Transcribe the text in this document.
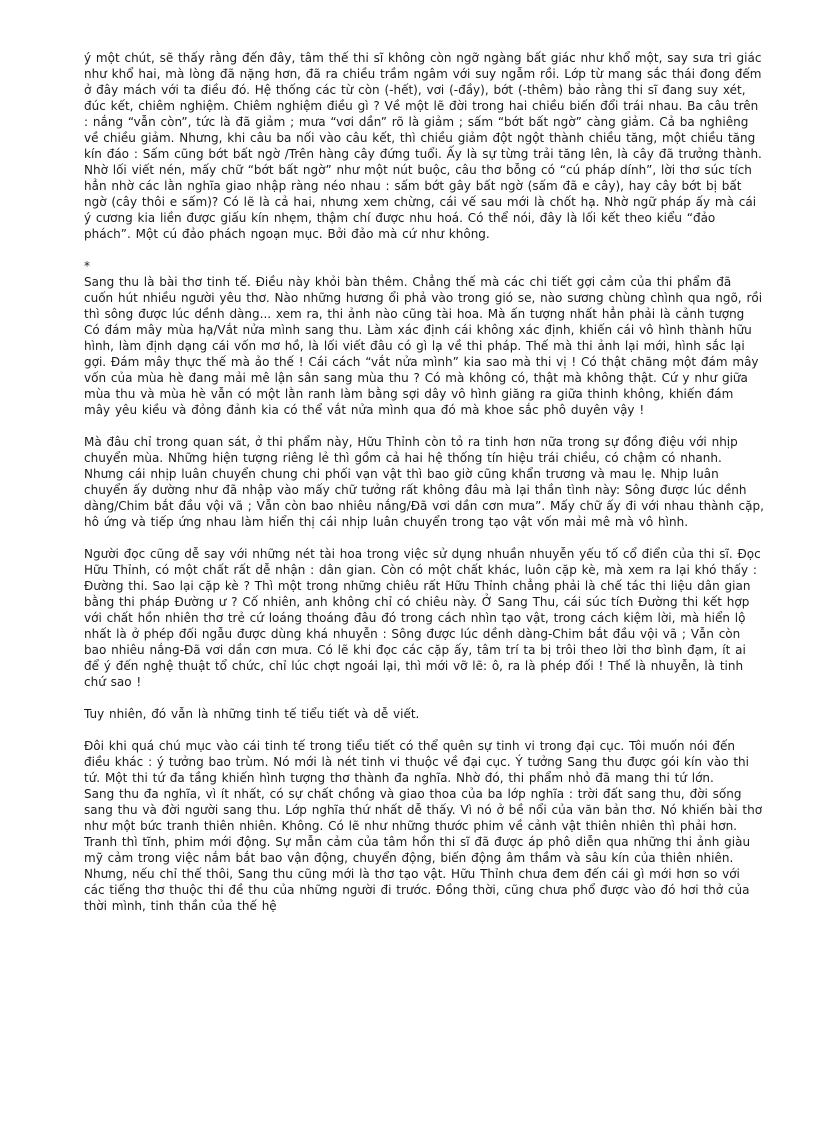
ý một chút, sẽ thấy rằng đến đây, tâm thế thi sĩ không còn ngỡ ngàng bất giác như khổ một, say sưa tri giác như khổ hai, mà lòng đã nặng hơn, đã ra chiều trầm ngâm với suy ngẫm rồi. Lớp từ mang sắc thái đong đếm ở đây mách với ta điều đó. Hệ thống các từ còn (-hết), vơi (-đầy), bớt (-thêm) bảo rằng thi sĩ đang suy xét, đúc kết, chiêm nghiệm. Chiêm nghiệm điều gì ? Về một lẽ đời trong hai chiều biến đổi trái nhau. Ba câu trên : nắng “vẫn còn”, tức là đã giảm ; mưa “vơi dần” rõ là giảm ; sấm “bớt bất ngờ” càng giảm. Cả ba nghiêng về chiều giảm. Nhưng, khi câu ba nối vào câu kết, thì chiều giảm đột ngột thành chiều tăng, một chiều tăng kín đáo : Sấm cũng bớt bất ngờ /Trên hàng cây đứng tuổi. Ấy là sự từng trải tăng lên, là cây đã trưởng thành. Nhờ lối viết nén, mấy chữ “bớt bất ngờ” như một nút buộc, câu thơ bỗng có “cú pháp dính”, lời thơ súc tích hẳn nhờ các lằn nghĩa giao nhập ràng néo nhau : sấm bớt gây bất ngờ (sấm đã e cây), hay cây bớt bị bất ngờ (cây thôi e sấm)? Có lẽ là cả hai, nhưng xem chừng, cái vế sau mới là chốt hạ. Nhờ ngữ pháp ấy mà cái ý cương kia liền được giấu kín nhẹm, thậm chí được nhu hoá. Có thể nói, đây là lối kết theo kiểu “đảo phách”. Một cú đảo phách ngoạn mục. Bởi đảo mà cứ như không.

*

Sang thu là bài thơ tinh tế. Điều này khỏi bàn thêm. Chẳng thế mà các chi tiết gợi cảm của thi phẩm đã cuốn hút nhiều người yêu thơ. Nào những hương ổi phả vào trong gió se, nào sương chùng chình qua ngõ, rồi thì sông được lúc dềnh dàng... xem ra, thi ảnh nào cũng tài hoa. Mà ấn tượng nhất hẳn phải là cảnh tượng Có đám mây mùa hạ/Vắt nửa mình sang thu. Làm xác định cái không xác định, khiến cái vô hình thành hữu hình, làm định dạng cái vốn mơ hồ, là lối viết đâu có gì lạ về thi pháp. Thế mà thi ảnh lại mới, hình sắc lại gợi. Đám mây thực thế mà ảo thế ! Cái cách “vắt nửa mình” kia sao mà thi vị ! Có thật chăng một đám mây vốn của mùa hè đang mải mê lận sân sang mùa thu ? Có mà không có, thật mà không thật. Cứ y như giữa mùa thu và mùa hè vẫn có một lằn ranh làm bằng sợi dây vô hình giăng ra giữa thinh không, khiến đám mây yêu kiều và đỏng đảnh kia có thể vắt nửa mình qua đó mà khoe sắc phô duyên vậy !

Mà đâu chỉ trong quan sát, ở thi phẩm này, Hữu Thỉnh còn tỏ ra tinh hơn nữa trong sự đồng điệu với nhịp chuyển mùa. Những hiện tượng riêng lẻ thì gồm cả hai hệ thống tín hiệu trái chiều, có chậm có nhanh. Nhưng cái nhịp luân chuyển chung chi phối vạn vật thì bao giờ cũng khẩn trương và mau lẹ. Nhịp luân chuyển ấy dường như đã nhập vào mấy chữ tưởng rất không đâu mà lại thần tình này: Sông được lúc dềnh dàng/Chim bắt đầu vội vã ; Vẫn còn bao nhiêu nắng/Đã vơi dần cơn mưa”. Mấy chữ ấy đi với nhau thành cặp, hô ứng và tiếp ứng nhau làm hiển thị cái nhịp luân chuyển trong tạo vật vốn mải mê mà vô hình.

Người đọc cũng dễ say với những nét tài hoa trong việc sử dụng nhuần nhuyễn yếu tố cổ điển của thi sĩ. Đọc Hữu Thỉnh, có một chất rất dễ nhận : dân gian. Còn có một chất khác, luôn cặp kè, mà xem ra lại khó thấy : Đường thi. Sao lại cặp kè ? Thì một trong những chiêu rất Hữu Thỉnh chẳng phải là chế tác thi liệu dân gian bằng thi pháp Đường ư ? Cố nhiên, anh không chỉ có chiêu này. Ở Sang Thu, cái súc tích Đường thi kết hợp với chất hồn nhiên thơ trẻ cứ loáng thoáng đâu đó trong cách nhìn tạo vật, trong cách kiệm lời, mà hiển lộ nhất là ở phép đối ngẫu được dùng khá nhuyễn : Sông được lúc dềnh dàng-Chim bắt đầu vội vã ; Vẫn còn bao nhiêu nắng-Đã vơi dần cơn mưa. Có lẽ khi đọc các cặp ấy, tâm trí ta bị trôi theo lời thơ bình đạm, ít ai để ý đến nghệ thuật tổ chức, chỉ lúc chợt ngoái lại, thì mới vỡ lẽ: ô, ra là phép đối ! Thế là nhuyễn, là tinh chứ sao !

Tuy nhiên, đó vẫn là những tinh tế tiểu tiết và dễ viết.

Đôi khi quá chú mục vào cái tinh tế trong tiểu tiết có thể quên sự tinh vi trong đại cục. Tôi muốn nói đến điều khác : ý tưởng bao trùm. Nó mới là nét tinh vi thuộc về đại cục. Ý tưởng Sang thu được gói kín vào thi tứ. Một thi tứ đa tầng khiến hình tượng thơ thành đa nghĩa. Nhờ đó, thi phẩm nhỏ đã mang thi tứ lớn.

Sang thu đa nghĩa, vì ít nhất, có sự chất chồng và giao thoa của ba lớp nghĩa : trời đất sang thu, đời sống sang thu và đời người sang thu. Lớp nghĩa thứ nhất dễ thấy. Vì nó ở bề nổi của văn bản thơ. Nó khiến bài thơ như một bức tranh thiên nhiên. Không. Có lẽ như những thước phim về cảnh vật thiên nhiên thì phải hơn. Tranh thì tĩnh, phim mới động. Sự mẫn cảm của tâm hồn thi sĩ đã được áp phô diễn qua những thi ảnh giàu mỹ cảm trong việc nắm bắt bao vận động, chuyển động, biến động âm thầm và sâu kín của thiên nhiên. Nhưng, nếu chỉ thế thôi, Sang thu cũng mới là thơ tạo vật. Hữu Thỉnh chưa đem đến cái gì mới hơn so với các tiếng thơ thuộc thi đề thu của những người đi trước. Đồng thời, cũng chưa phổ được vào đó hơi thở của thời mình, tinh thần của thế hệ
